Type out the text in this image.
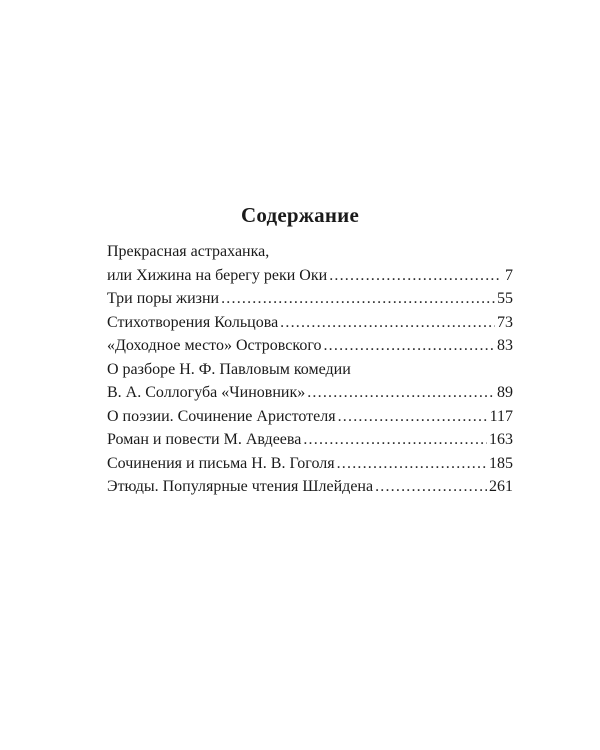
Содержание
Прекрасная астраханка,
или Хижина на берегу реки Оки .....	7
Три поры жизни .....	55
Стихотворения Кольцова .....	73
«Доходное место» Островского .....	83
О разборе Н. Ф. Павловым комедии
В. А. Соллогуба «Чиновник» .....	89
О поэзии. Сочинение Аристотеля .....	117
Роман и повести М. Авдеева .....	163
Сочинения и письма Н. В. Гоголя .....	185
Этюды. Популярные чтения Шлейдена .....	261
